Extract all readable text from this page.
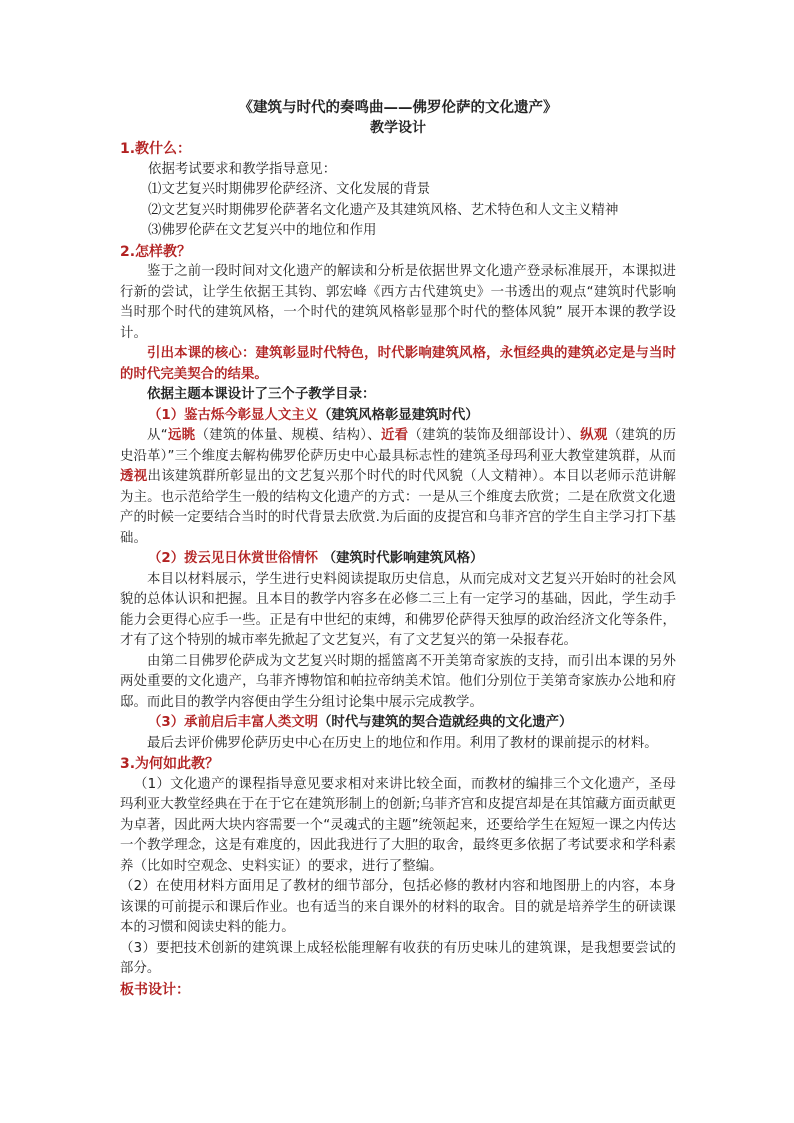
《建筑与时代的奏鸣曲——佛罗伦萨的文化遗产》
教学设计
1.教什么：

依据考试要求和教学指导意见：

⑴文艺复兴时期佛罗伦萨经济、文化发展的背景

⑵文艺复兴时期佛罗伦萨著名文化遗产及其建筑风格、艺术特色和人文主义精神

⑶佛罗伦萨在文艺复兴中的地位和作用

2.怎样教？

鉴于之前一段时间对文化遗产的解读和分析是依据世界文化遗产登录标准展开，本课拟进行新的尝试，让学生依据王其钧、郭宏峰《西方古代建筑史》一书透出的观点“建筑时代影响当时那个时代的建筑风格，一个时代的建筑风格彰显那个时代的整体风貌” 展开本课的教学设计。

引出本课的核心：建筑彰显时代特色，时代影响建筑风格，永恒经典的建筑必定是与当时的时代完美契合的结果。

依据主题本课设计了三个子教学目录：

（1）鉴古烁今彰显人文主义（建筑风格彰显建筑时代）

从“远眺（建筑的体量、规模、结构）、近看（建筑的装饰及细部设计）、纵观（建筑的历史沿革）”三个维度去解构佛罗伦萨历史中心最具标志性的建筑圣母玛利亚大教堂建筑群，从而透视出该建筑群所彰显出的文艺复兴那个时代的时代风貌（人文精神）。本目以老师示范讲解为主。也示范给学生一般的结构文化遗产的方式：一是从三个维度去欣赏；二是在欣赏文化遗产的时候一定要结合当时的时代背景去欣赏.为后面的皮提宫和乌菲齐宫的学生自主学习打下基础。

（2）拨云见日休赏世俗情怀 （建筑时代影响建筑风格）

本目以材料展示，学生进行史料阅读提取历史信息，从而完成对文艺复兴开始时的社会风貌的总体认识和把握。且本目的教学内容多在必修二三上有一定学习的基础，因此，学生动手能力会更得心应手一些。正是有中世纪的束缚，和佛罗伦萨得天独厚的政治经济文化等条件，才有了这个特别的城市率先掀起了文艺复兴，有了文艺复兴的第一朵报春花。

由第二目佛罗伦萨成为文艺复兴时期的摇篮离不开美第奇家族的支持，而引出本课的另外两处重要的文化遗产，乌菲齐博物馆和帕拉帝纳美术馆。他们分别位于美第奇家族办公地和府邸。而此目的教学内容便由学生分组讨论集中展示完成教学。

（3）承前启后丰富人类文明（时代与建筑的契合造就经典的文化遗产）

最后去评价佛罗伦萨历史中心在历史上的地位和作用。利用了教材的课前提示的材料。

3.为何如此教？

（1）文化遗产的课程指导意见要求相对来讲比较全面，而教材的编排三个文化遗产，圣母玛利亚大教堂经典在于在于它在建筑形制上的创新;乌菲齐宫和皮提宫却是在其馆藏方面贡献更为卓著，因此两大块内容需要一个“灵魂式的主题”统领起来，还要给学生在短短一课之内传达一个教学理念，这是有难度的，因此我进行了大胆的取舍，最终更多依据了考试要求和学科素养（比如时空观念、史料实证）的要求，进行了整编。

（2）在使用材料方面用足了教材的细节部分，包括必修的教材内容和地图册上的内容，本身该课的可前提示和课后作业。也有适当的来自课外的材料的取舍。目的就是培养学生的研读课本的习惯和阅读史料的能力。

（3）要把技术创新的建筑课上成轻松能理解有收获的有历史味儿的建筑课，是我想要尝试的部分。

板书设计：
